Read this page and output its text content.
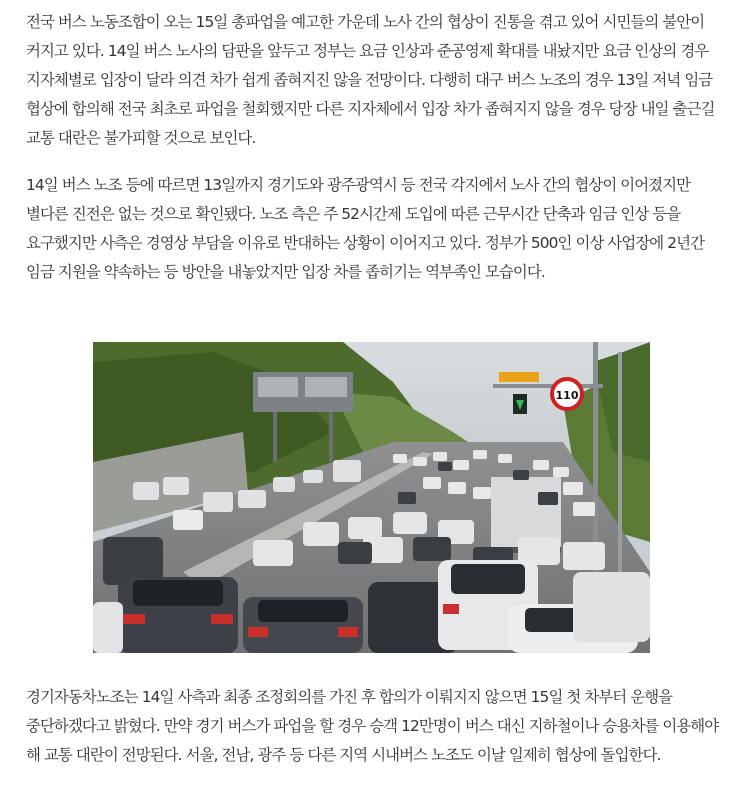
전국 버스 노동조합이 오는 15일 총파업을 예고한 가운데 노사 간의 협상이 진통을 겪고 있어 시민들의 불안이 커지고 있다. 14일 버스 노사의 담판을 앞두고 정부는 요금 인상과 준공영제 확대를 내놨지만 요금 인상의 경우 지자체별로 입장이 달라 의견 차가 쉽게 좁혀지진 않을 전망이다. 다행히 대구 버스 노조의 경우 13일 저녁 임금 협상에 합의해 전국 최초로 파업을 철회했지만 다른 지자체에서 입장 차가 좁혀지지 않을 경우 당장 내일 출근길 교통 대란은 불가피할 것으로 보인다.

14일 버스 노조 등에 따르면 13일까지 경기도와 광주광역시 등 전국 각지에서 노사 간의 협상이 이어졌지만 별다른 진전은 없는 것으로 확인됐다. 노조 측은 주 52시간제 도입에 따른 근무시간 단축과 임금 인상 등을 요구했지만 사측은 경영상 부담을 이유로 반대하는 상황이 이어지고 있다. 정부가 500인 이상 사업장에 2년간 임금 지원을 약속하는 등 방안을 내놓았지만 입장 차를 좁히기는 역부족인 모습이다.

110

경기자동차노조는 14일 사측과 최종 조정회의를 가진 후 합의가 이뤄지지 않으면 15일 첫 차부터 운행을 중단하겠다고 밝혔다. 만약 경기 버스가 파업을 할 경우 승객 12만명이 버스 대신 지하철이나 승용차를 이용해야 해 교통 대란이 전망된다. 서울, 전남, 광주 등 다른 지역 시내버스 노조도 이날 일제히 협상에 돌입한다.
